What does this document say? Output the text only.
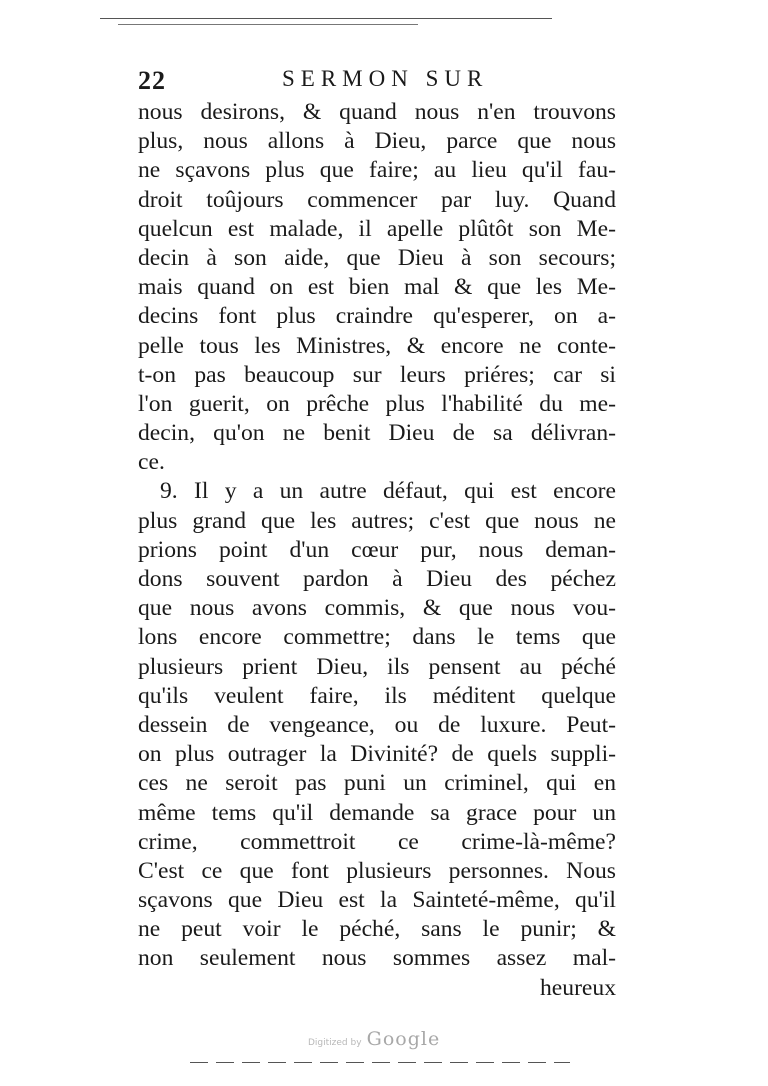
22	SERMON SUR
nous desirons, & quand nous n'en trouvons
plus, nous allons à Dieu, parce que nous
ne sçavons plus que faire; au lieu qu'il fau-
droit toûjours commencer par luy. Quand
quelcun est malade, il apelle plûtôt son Me-
decin à son aide, que Dieu à son secours;
mais quand on est bien mal & que les Me-
decins font plus craindre qu'esperer, on a-
pelle tous les Ministres, & encore ne conte-
t-on pas beaucoup sur leurs priéres; car si
l'on guerit, on prêche plus l'habilité du me-
decin, qu'on ne benit Dieu de sa délivran-
ce.
9. Il y a un autre défaut, qui est encore
plus grand que les autres; c'est que nous ne
prions point d'un cœur pur, nous deman-
dons souvent pardon à Dieu des péchez
que nous avons commis, & que nous vou-
lons encore commettre; dans le tems que
plusieurs prient Dieu, ils pensent au péché
qu'ils veulent faire, ils méditent quelque
dessein de vengeance, ou de luxure. Peut-
on plus outrager la Divinité? de quels suppli-
ces ne seroit pas puni un criminel, qui en
même tems qu'il demande sa grace pour un
crime, commettroit ce crime-là-même?
C'est ce que font plusieurs personnes. Nous
sçavons que Dieu est la Sainteté-même, qu'il
ne peut voir le péché, sans le punir; &
non seulement nous sommes assez mal-
heureux
Digitized by Google
